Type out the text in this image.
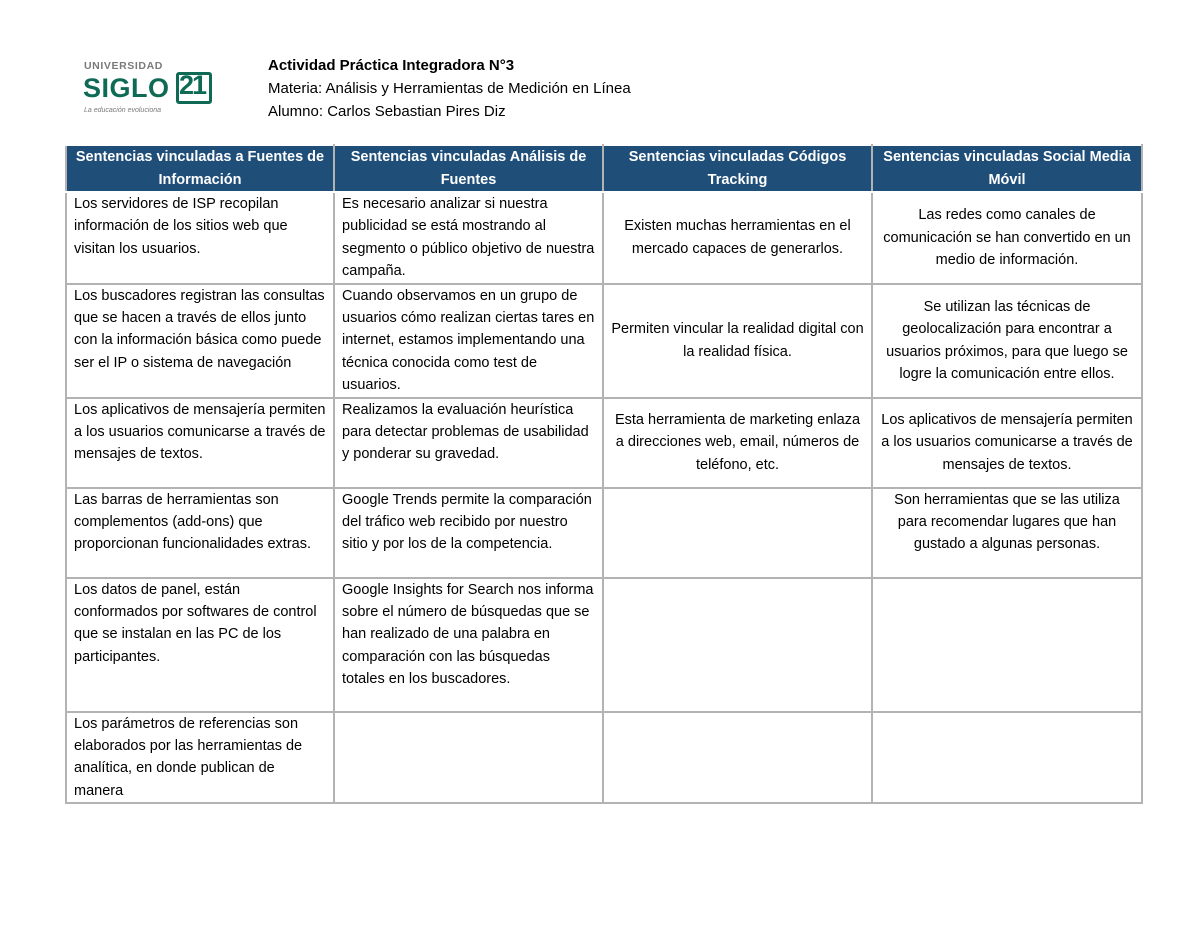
UNIVERSIDAD
SIGLO 21
La educación evoluciona
Actividad Práctica Integradora N°3
Materia: Análisis y Herramientas de Medición en Línea
Alumno: Carlos Sebastian Pires Diz
Sentencias vinculadas a Fuentes de Información	Sentencias vinculadas Análisis de Fuentes	Sentencias vinculadas Códigos Tracking	Sentencias vinculadas Social Media Móvil
Los servidores de ISP recopilan información de los sitios web que visitan los usuarios.	Es necesario analizar si nuestra publicidad se está mostrando al segmento o público objetivo de nuestra campaña.	Existen muchas herramientas en el mercado capaces de generarlos.	Las redes como canales de comunicación se han convertido en un medio de información.
Los buscadores registran las consultas que se hacen a través de ellos junto con la información básica como puede ser el IP o sistema de navegación	Cuando observamos en un grupo de usuarios cómo realizan ciertas tares en internet, estamos implementando una técnica conocida como test de usuarios.	Permiten vincular la realidad digital con la realidad física.	Se utilizan las técnicas de geolocalización para encontrar a usuarios próximos, para que luego se logre la comunicación entre ellos.
Los aplicativos de mensajería permiten a los usuarios comunicarse a través de mensajes de textos.	Realizamos la evaluación heurística para detectar problemas de usabilidad y ponderar su gravedad.	Esta herramienta de marketing enlaza a direcciones web, email, números de teléfono, etc.	Los aplicativos de mensajería permiten a los usuarios comunicarse a través de mensajes de textos.
Las barras de herramientas son complementos (add-ons) que proporcionan funcionalidades extras.	Google Trends permite la comparación del tráfico web recibido por nuestro sitio y por los de la competencia.		Son herramientas que se las utiliza para recomendar lugares que han gustado a algunas personas.
Los datos de panel, están conformados por softwares de control que se instalan en las PC de los participantes.	Google Insights for Search nos informa sobre el número de búsquedas que se han realizado de una palabra en comparación con las búsquedas totales en los buscadores.		
Los parámetros de referencias son elaborados por las herramientas de analítica, en donde publican de manera			
